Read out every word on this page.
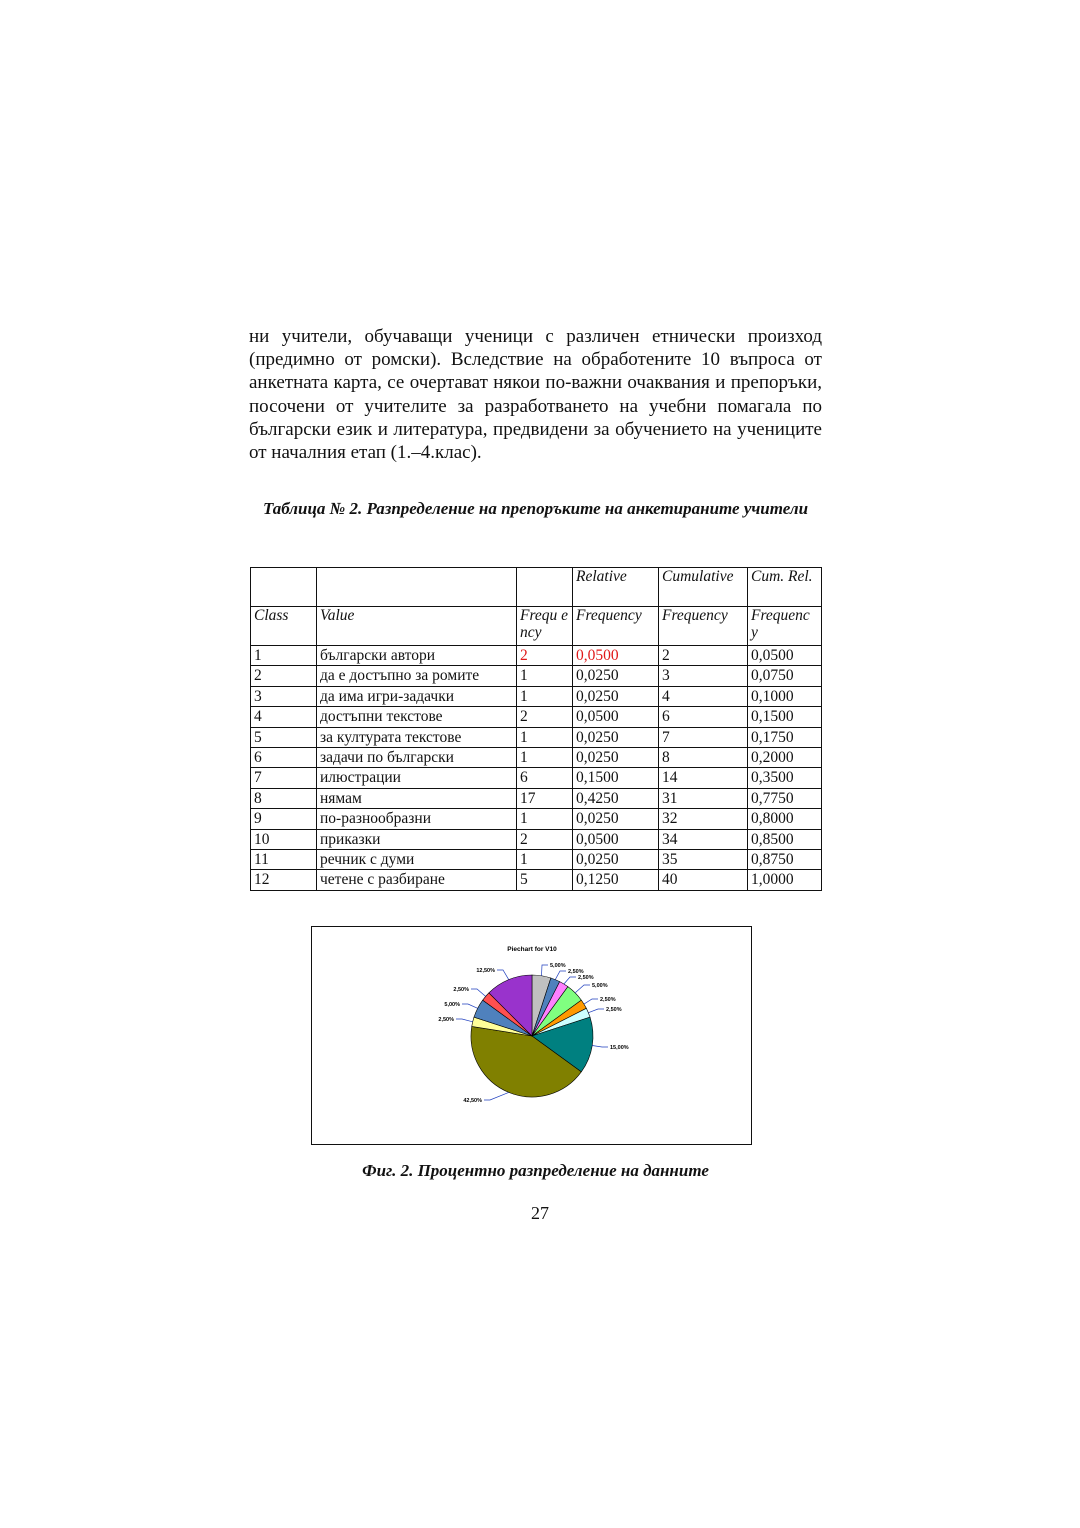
ни учители, обучаващи ученици с различен етнически произход (предимно от ромски). Вследствие на обработените 10 въпроса от анкетната карта, се очертават някои по-важни очаквания и препоръки, посочени от учителите за разработването на учебни помагала по български език и литература, предвидени за обучението на учениците от началния етап (1.–4.клас).
Таблица № 2. Разпределение на препоръките на анкетираните учители
			Relative	Cumulative	Cum. Rel.
Class	Value	Frequ ency	Frequency	Frequency	Frequenc y
1	български автори	2	0,0500	2	0,0500
2	да е достъпно за ромите	1	0,0250	3	0,0750
3	да има игри-задачки	1	0,0250	4	0,1000
4	достъпни текстове	2	0,0500	6	0,1500
5	за културата текстове	1	0,0250	7	0,1750
6	задачи по български	1	0,0250	8	0,2000
7	илюстрации	6	0,1500	14	0,3500
8	нямам	17	0,4250	31	0,7750
9	по-разнообразни	1	0,0250	32	0,8000
10	приказки	2	0,0500	34	0,8500
11	речник с думи	1	0,0250	35	0,8750
12	четене с разбиране	5	0,1250	40	1,0000
Piechart for V10
5,00%
2,50%
2,50%
5,00%
2,50%
2,50%
15,00%
42,50%
2,50%
5,00%
2,50%
12,50%
Фиг. 2. Процентно разпределение на данните
27
